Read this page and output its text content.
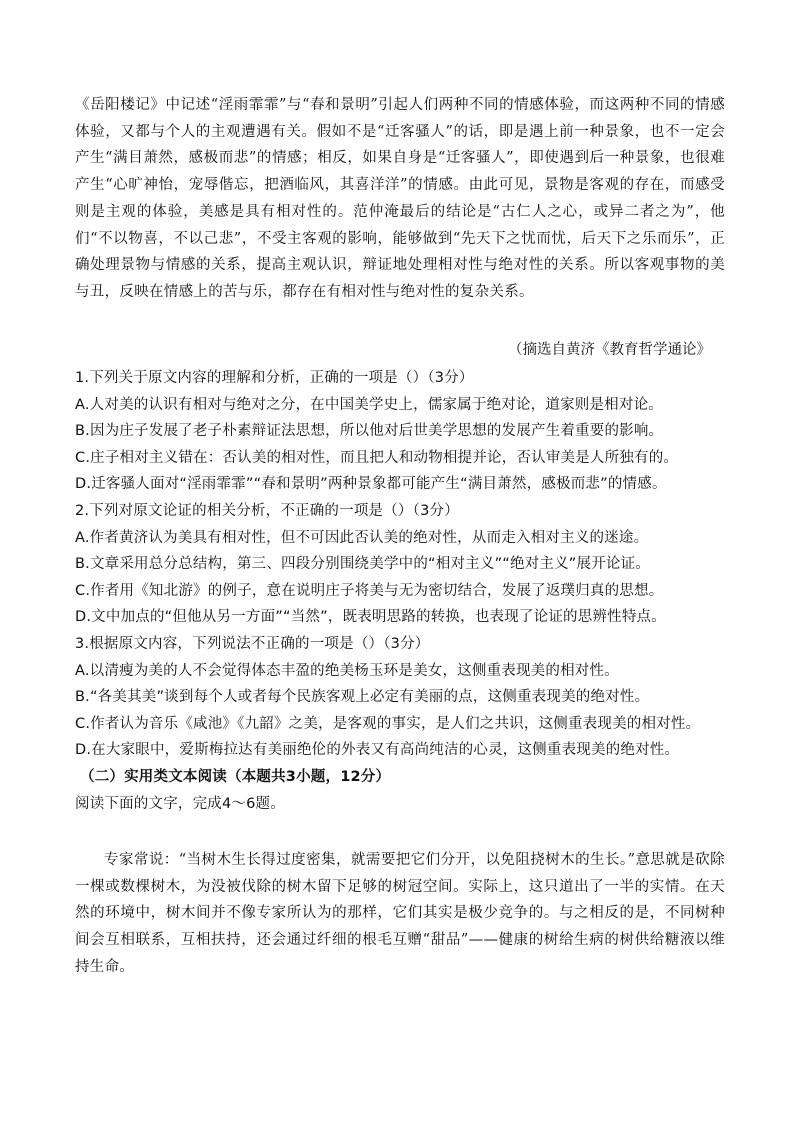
《岳阳楼记》中记述“淫雨霏霏”与“春和景明”引起人们两种不同的情感体验，而这两种不同的情感体验，又都与个人的主观遭遇有关。假如不是“迁客骚人”的话，即是遇上前一种景象，也不一定会产生“满目萧然，感极而悲”的情感；相反，如果自身是“迁客骚人”，即使遇到后一种景象，也很难产生“心旷神怡，宠辱偕忘，把酒临风，其喜洋洋”的情感。由此可见，景物是客观的存在，而感受则是主观的体验，美感是具有相对性的。范仲淹最后的结论是“古仁人之心，或异二者之为”，他们“不以物喜，不以己悲”，不受主客观的影响，能够做到“先天下之忧而忧，后天下之乐而乐”，正确处理景物与情感的关系，提高主观认识，辩证地处理相对性与绝对性的关系。所以客观事物的美与丑，反映在情感上的苦与乐，都存在有相对性与绝对性的复杂关系。

（摘选自黄济《教育哲学通论》

1.下列关于原文内容的理解和分析，正确的一项是（）（3分）

A.人对美的认识有相对与绝对之分，在中国美学史上，儒家属于绝对论，道家则是相对论。

B.因为庄子发展了老子朴素辩证法思想，所以他对后世美学思想的发展产生着重要的影响。

C.庄子相对主义错在：否认美的相对性，而且把人和动物相提并论，否认审美是人所独有的。

D.迁客骚人面对“淫雨霏霏”“春和景明”两种景象都可能产生“满目萧然，感极而悲”的情感。

2.下列对原文论证的相关分析，不正确的一项是（）（3分）

A.作者黄济认为美具有相对性，但不可因此否认美的绝对性，从而走入相对主义的迷途。

B.文章采用总分总结构，第三、四段分别围绕美学中的“相对主义”“绝对主义”展开论证。

C.作者用《知北游》的例子，意在说明庄子将美与无为密切结合，发展了返璞归真的思想。

D.文中加点的“但他从另一方面”“当然”，既表明思路的转换，也表现了论证的思辨性特点。

3.根据原文内容，下列说法不正确的一项是（）（3分）

A.以清瘦为美的人不会觉得体态丰盈的绝美杨玉环是美女，这侧重表现美的相对性。

B.“各美其美”谈到每个人或者每个民族客观上必定有美丽的点，这侧重表现美的绝对性。

C.作者认为音乐《咸池》《九韶》之美，是客观的事实，是人们之共识，这侧重表现美的相对性。

D.在大家眼中，爱斯梅拉达有美丽绝伦的外表又有高尚纯洁的心灵，这侧重表现美的绝对性。

（二）实用类文本阅读（本题共3小题，12分）

阅读下面的文字，完成4～6题。

专家常说：“当树木生长得过度密集，就需要把它们分开，以免阻挠树木的生长。”意思就是砍除一棵或数棵树木，为没被伐除的树木留下足够的树冠空间。实际上，这只道出了一半的实情。在天然的环境中，树木间并不像专家所认为的那样，它们其实是极少竞争的。与之相反的是，不同树种间会互相联系，互相扶持，还会通过纤细的根毛互赠“甜品”——健康的树给生病的树供给糖液以维持生命。
